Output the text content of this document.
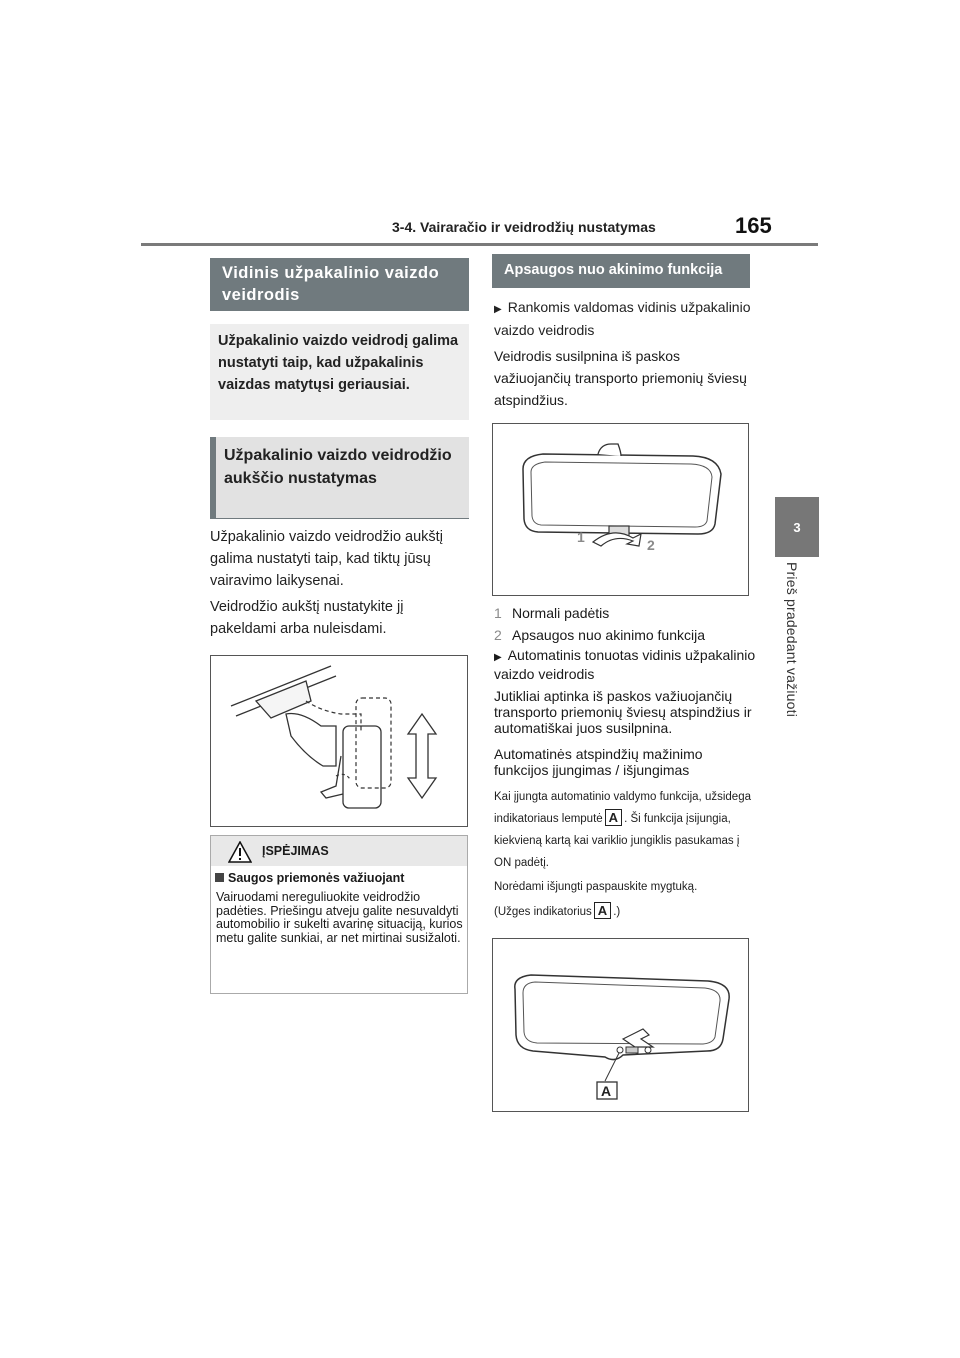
3-4. Vairaračio ir veidrodžių nustatymas	165
3
Prieš pradedant važiuoti
Vidinis užpakalinio vaizdo veidrodis
Užpakalinio vaizdo veidrodį galima nustatyti taip, kad užpakalinis vaizdas matytųsi geriausiai.
Užpakalinio vaizdo veidrodžio aukščio nustatymas
Užpakalinio vaizdo veidrodžio aukštį galima nustatyti taip, kad tiktų jūsų vairavimo laikysenai.
Veidrodžio aukštį nustatykite jį pakeldami arba nuleisdami.
ĮSPĖJIMAS
Saugos priemonės važiuojant
Vairuodami nereguliuokite veidrodžio padėties. Priešingu atveju galite nesuvaldyti automobilio ir sukelti avarinę situaciją, kurios metu galite sunkiai, ar net mirtinai susižaloti.
Apsaugos nuo akinimo funkcija
▶ Rankomis valdomas vidinis užpakalinio vaizdo veidrodis
Veidrodis susilpnina iš paskos važiuojančių transporto priemonių šviesų atspindžius.
1	2
1 Normali padėtis
2 Apsaugos nuo akinimo funkcija
▶ Automatinis tonuotas vidinis užpakalinio vaizdo veidrodis
Jutikliai aptinka iš paskos važiuojančių transporto priemonių šviesų atspindžius ir automatiškai juos susilpnina.
Automatinės atspindžių mažinimo funkcijos įjungimas / išjungimas
Kai įjungta automatinio valdymo funkcija, užsidega indikatoriaus lemputė A . Ši funkcija įsijungia, kiekvieną kartą kai variklio jungiklis pasukamas į ON padėtį.
Norėdami išjungti paspauskite mygtuką.
(Užges indikatorius A .)
A
